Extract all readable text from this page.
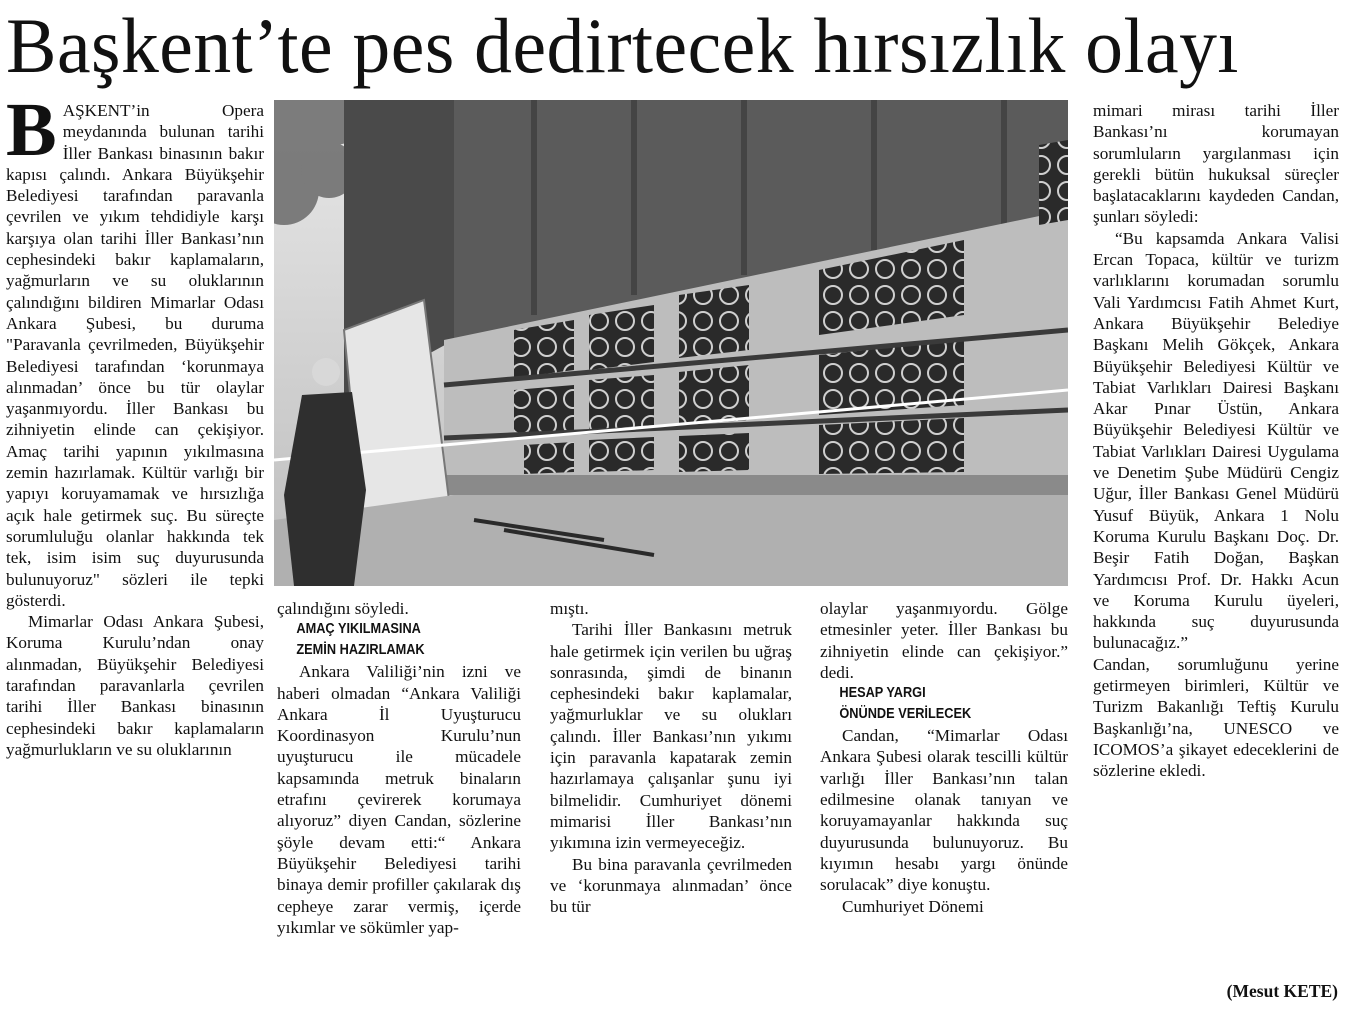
Başkent’te pes dedirtecek hırsızlık olayı

BAŞKENT’in Opera meydanında bulunan tarihi İller Bankası binasının bakır kapısı çalındı. Ankara Büyükşehir Belediyesi tarafından paravanla çevrilen ve yıkım tehdidiyle karşı karşıya olan tarihi İller Bankası’nın cephesindeki bakır kaplamaların, yağmurların ve su oluklarının çalındığını bildiren Mimarlar Odası Ankara Şubesi, bu duruma "Paravanla çevrilmeden, Büyükşehir Belediyesi tarafından ‘korunmaya alınmadan’ önce bu tür olaylar yaşanmıyordu. İller Bankası bu zihniyetin elinde can çekişiyor. Amaç tarihi yapının yıkılmasına zemin hazırlamak. Kültür varlığı bir yapıyı koruyamamak ve hırsızlığa açık hale getirmek suç. Bu süreçte sorumluluğu olanlar hakkında tek tek, isim isim suç duyurusunda bulunuyoruz" sözleri ile tepki gösterdi.

Mimarlar Odası Ankara Şubesi, Koruma Kurulu’ndan onay alınmadan, Büyükşehir Belediyesi tarafından paravanlarla çevrilen tarihi İller Bankası binasının cephesindeki bakır kaplamaların yağmurlukların ve su oluklarının

çalındığını söyledi.

AMAÇ YIKILMASINA
ZEMİN HAZIRLAMAK

Ankara Valiliği’nin izni ve haberi olmadan “Ankara Valiliği Ankara İl Uyuşturucu Koordinasyon Kurulu’nun uyuşturucu ile mücadele kapsamında metruk binaların etrafını çevirerek korumaya alıyoruz” diyen Candan, sözlerine şöyle devam etti:“ Ankara Büyükşehir Belediyesi tarihi binaya demir profiller çakılarak dış cepheye zarar vermiş, içerde yıkımlar ve sökümler yap-

mıştı.

Tarihi İller Bankasını metruk hale getirmek için verilen bu uğraş sonrasında, şimdi de binanın cephesindeki bakır kaplamalar, yağmurluklar ve su olukları çalındı. İller Bankası’nın yıkımı için paravanla kapatarak zemin hazırlamaya çalışanlar şunu iyi bilmelidir. Cumhuriyet dönemi mimarisi İller Bankası’nın yıkımına izin vermeyeceğiz.

Bu bina paravanla çevrilmeden ve ‘korunmaya alınmadan’ önce bu tür

olaylar yaşanmıyordu. Gölge etmesinler yeter. İller Bankası bu zihniyetin elinde can çekişiyor.” dedi.

HESAP YARGI
ÖNÜNDE VERİLECEK

Candan, “Mimarlar Odası Ankara Şubesi olarak tescilli kültür varlığı İller Bankası’nın talan edilmesine olanak tanıyan ve koruyamayanlar hakkında suç duyurusunda bulunuyoruz. Bu kıyımın hesabı yargı önünde sorulacak” diye konuştu.

Cumhuriyet Dönemi

mimari mirası tarihi İller Bankası’nı korumayan sorumluların yargılanması için gerekli bütün hukuksal süreçler başlatacaklarını kaydeden Candan, şunları söyledi:

“Bu kapsamda Ankara Valisi Ercan Topaca, kültür ve turizm varlıklarını korumadan sorumlu Vali Yardımcısı Fatih Ahmet Kurt, Ankara Büyükşehir Belediye Başkanı Melih Gökçek, Ankara Büyükşehir Belediyesi Kültür ve Tabiat Varlıkları Dairesi Başkanı Akar Pınar Üstün, Ankara Büyükşehir Belediyesi Kültür ve Tabiat Varlıkları Dairesi Uygulama ve Denetim Şube Müdürü Cengiz Uğur, İller Bankası Genel Müdürü Yusuf Büyük, Ankara 1 Nolu Koruma Kurulu Başkanı Doç. Dr. Beşir Fatih Doğan, Başkan Yardımcısı Prof. Dr. Hakkı Acun ve Koruma Kurulu üyeleri, hakkında suç duyurusunda bulunacağız.”

Candan, sorumluğunu yerine getirmeyen birimleri, Kültür ve Turizm Bakanlığı Teftiş Kurulu Başkanlığı’na, UNESCO ve ICOMOS’a şikayet edeceklerini de sözlerine ekledi.

(Mesut KETE)
